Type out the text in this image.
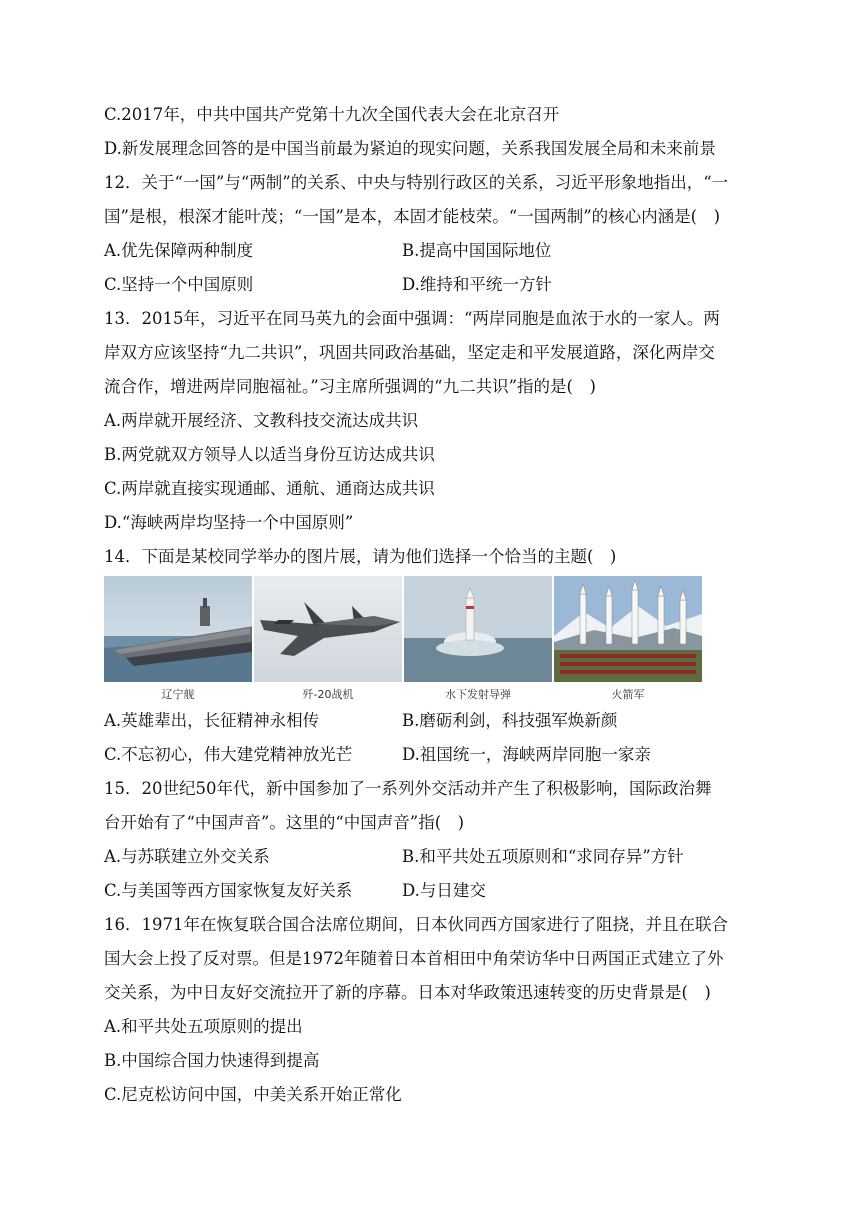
C.2017年，中共中国共产党第十九次全国代表大会在北京召开
D.新发展理念回答的是中国当前最为紧迫的现实问题，关系我国发展全局和未来前景
12．关于“一国”与“两制”的关系、中央与特别行政区的关系，习近平形象地指出，“一
国”是根，根深才能叶茂；“一国”是本，本固才能枝荣。“一国两制”的核心内涵是(　)
A.优先保障两种制度	B.提高中国国际地位
C.坚持一个中国原则	D.维持和平统一方针
13．2015年，习近平在同马英九的会面中强调：“两岸同胞是血浓于水的一家人。两
岸双方应该坚持“九二共识”，巩固共同政治基础，坚定走和平发展道路，深化两岸交
流合作，增进两岸同胞福祉。”习主席所强调的“九二共识”指的是(　)
A.两岸就开展经济、文教科技交流达成共识
B.两党就双方领导人以适当身份互访达成共识
C.两岸就直接实现通邮、通航、通商达成共识
D.“海峡两岸均坚持一个中国原则”
14．下面是某校同学举办的图片展，请为他们选择一个恰当的主题(　)
辽宁舰	歼-20战机	水下发射导弹	火箭军
A.英雄辈出，长征精神永相传	B.磨砺利剑，科技强军焕新颜
C.不忘初心，伟大建党精神放光芒	D.祖国统一，海峡两岸同胞一家亲
15．20世纪50年代，新中国参加了一系列外交活动并产生了积极影响，国际政治舞
台开始有了“中国声音”。这里的“中国声音”指(　)
A.与苏联建立外交关系	B.和平共处五项原则和“求同存异”方针
C.与美国等西方国家恢复友好关系	D.与日建交
16．1971年在恢复联合国合法席位期间，日本伙同西方国家进行了阻挠，并且在联合
国大会上投了反对票。但是1972年随着日本首相田中角荣访华中日两国正式建立了外
交关系，为中日友好交流拉开了新的序幕。日本对华政策迅速转变的历史背景是(　)
A.和平共处五项原则的提出
B.中国综合国力快速得到提高
C.尼克松访问中国，中美关系开始正常化
